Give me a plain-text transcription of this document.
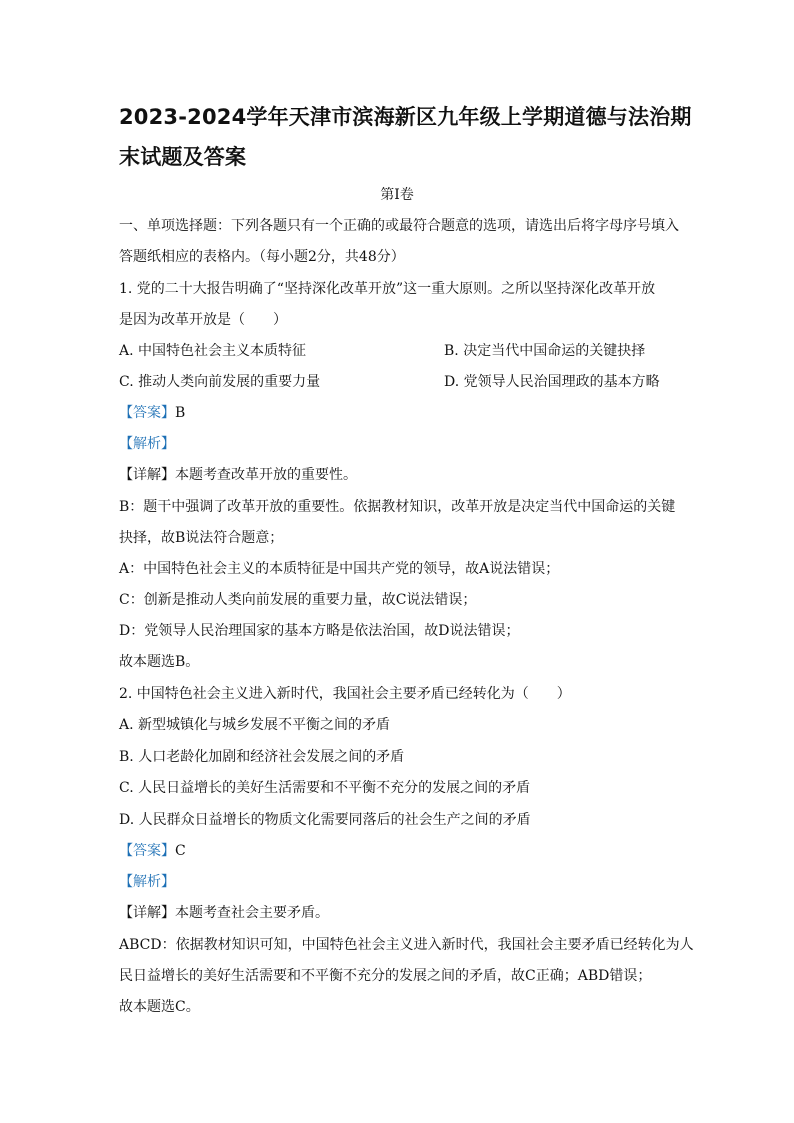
2023-2024学年天津市滨海新区九年级上学期道德与法治期
末试题及答案
第Ⅰ卷
一、单项选择题：下列各题只有一个正确的或最符合题意的选项，请选出后将字母序号填入
答题纸相应的表格内。（每小题2分，共48分）
1. 党的二十大报告明确了“坚持深化改革开放”这一重大原则。之所以坚持深化改革开放
是因为改革开放是（　　）
A. 中国特色社会主义本质特征	B. 决定当代中国命运的关键抉择
C. 推动人类向前发展的重要力量	D. 党领导人民治国理政的基本方略
【答案】B
【解析】
【详解】本题考查改革开放的重要性。
B：题干中强调了改革开放的重要性。依据教材知识，改革开放是决定当代中国命运的关键
抉择，故B说法符合题意；
A：中国特色社会主义的本质特征是中国共产党的领导，故A说法错误；
C：创新是推动人类向前发展的重要力量，故C说法错误；
D：党领导人民治理国家的基本方略是依法治国，故D说法错误；
故本题选B。
2. 中国特色社会主义进入新时代，我国社会主要矛盾已经转化为（　　）
A. 新型城镇化与城乡发展不平衡之间的矛盾
B. 人口老龄化加剧和经济社会发展之间的矛盾
C. 人民日益增长的美好生活需要和不平衡不充分的发展之间的矛盾
D. 人民群众日益增长的物质文化需要同落后的社会生产之间的矛盾
【答案】C
【解析】
【详解】本题考查社会主要矛盾。
ABCD：依据教材知识可知，中国特色社会主义进入新时代，我国社会主要矛盾已经转化为人
民日益增长的美好生活需要和不平衡不充分的发展之间的矛盾，故C正确；ABD错误；
故本题选C。
